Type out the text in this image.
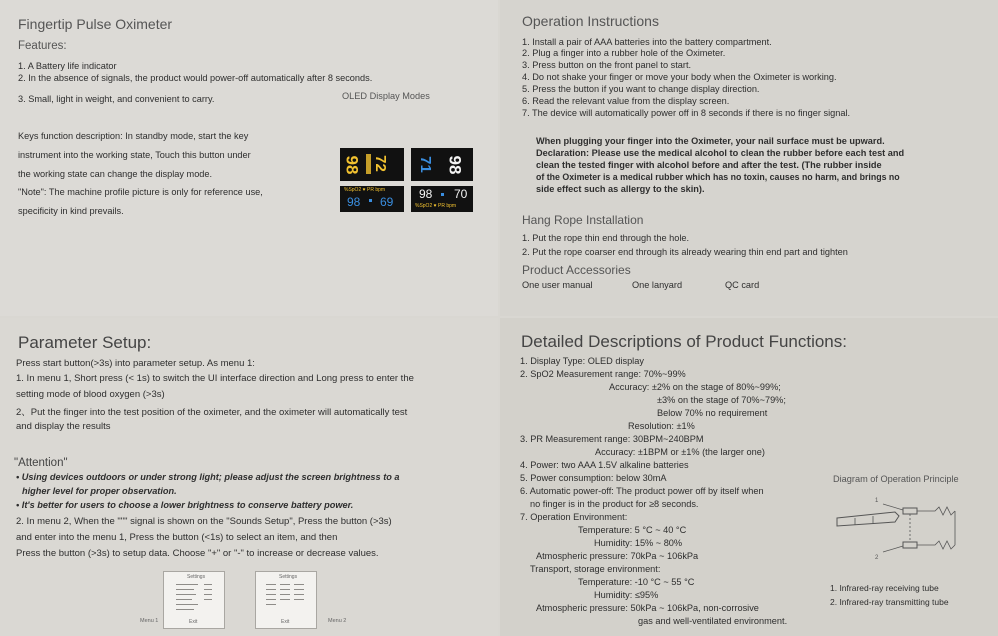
Fingertip Pulse Oximeter
Features:
1. A Battery life indicator
2. In the absence of signals, the product would power-off automatically after 8 seconds.
3. Small, light in weight, and convenient to carry.	OLED Display Modes
Keys function description: In standby mode, start the key
instrument into the working state, Touch this button under
the working state can change the display mode.
"Note": The machine profile picture is only for reference use,
specificity in kind prevails.
98 72 71 98
%SpO2 ♥ PR bpm
98 69
98 70
%SpO2 ♥ PR bpm
Operation Instructions
1. Install a pair of AAA batteries into the battery compartment.
2. Plug a finger into a rubber hole of the Oximeter.
3. Press button on the front panel to start.
4. Do not shake your finger or move your body when the Oximeter is working.
5. Press the button if you want to change display direction.
6. Read the relevant value from the display screen.
7. The device will automatically power off in 8 seconds if there is no finger signal.
When plugging your finger into the Oximeter, your nail surface must be upward.
Declaration: Please use the medical alcohol to clean the rubber before each test and
clean the tested finger with alcohol before and after the test. (The rubber inside
of the Oximeter is a medical rubber which has no toxin, causes no harm, and brings no
side effect such as allergy to the skin).
Hang Rope Installation
1. Put the rope thin end through the hole.
2. Put the rope coarser end through its already wearing thin end part and tighten
Product Accessories
One user manual	One lanyard	QC card
Parameter Setup:
Press start button(>3s) into parameter setup. As menu 1:
1. In menu 1, Short press (< 1s) to switch the UI interface direction and Long press to enter the
setting mode of blood oxygen (>3s)
2、Put the finger into the test position of the oximeter, and the oximeter will automatically test
and display the results
"Attention"
• Using devices outdoors or under strong light; please adjust the screen brightness to a
higher level for proper observation.
• It's better for users to choose a lower brightness to conserve battery power.
2. In menu 2, When the """ signal is shown on the "Sounds Setup", Press the button (>3s)
and enter into the menu 1, Press the button (<1s) to select an item, and then
Press the button (>3s) to setup data. Choose "+" or "-" to increase or decrease values.
Settings
Exit
Menu 1
Settings
Exit	Menu 2
Detailed Descriptions of Product Functions:
1. Display Type: OLED display
2. SpO2 Measurement range: 70%~99%
Accuracy: ±2% on the stage of 80%~99%;
±3% on the stage of 70%~79%;
Below 70% no requirement
Resolution: ±1%
3. PR Measurement range: 30BPM~240BPM
Accuracy: ±1BPM or ±1% (the larger one)
4. Power: two AAA 1.5V alkaline batteries
5. Power consumption: below 30mA
6. Automatic power-off: The product power off by itself when
no finger is in the product for ≥8 seconds.
7. Operation Environment:
Temperature: 5 °C ~ 40 °C
Humidity: 15% ~ 80%
Atmospheric pressure: 70kPa ~ 106kPa
Transport, storage environment:
Temperature: -10 °C ~ 55 °C
Humidity: ≤95%
Atmospheric pressure: 50kPa ~ 106kPa, non-corrosive
gas and well-ventilated environment.
Diagram of Operation Principle
1
2
1. Infrared-ray receiving tube
2. Infrared-ray transmitting tube
